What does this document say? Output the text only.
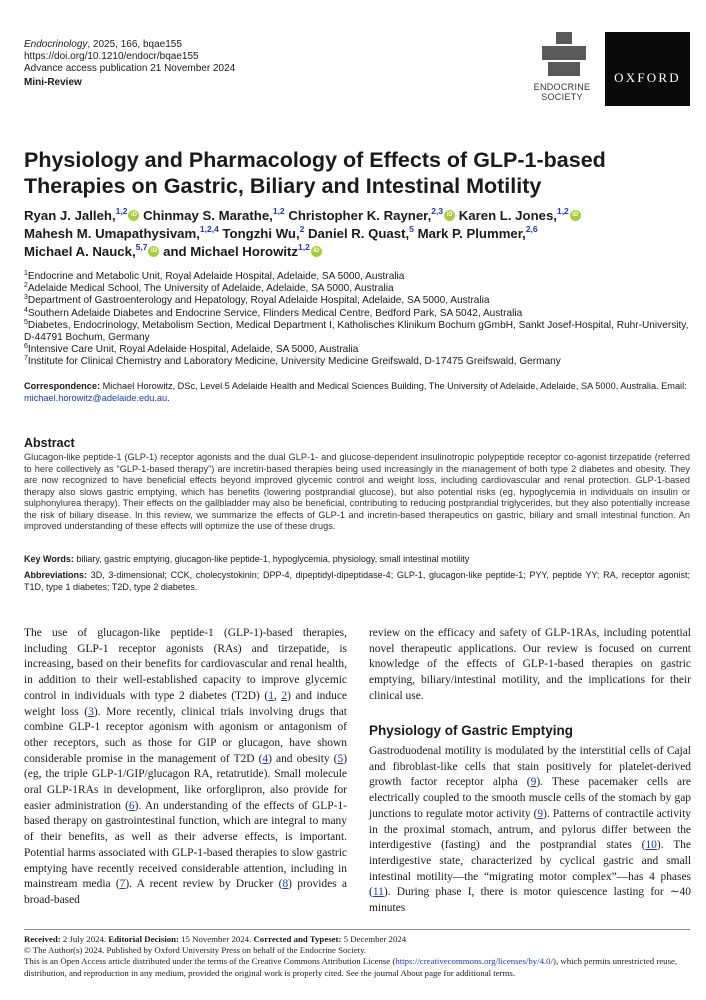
Endocrinology, 2025, 166, bqae155
https://doi.org/10.1210/endocr/bqae155
Advance access publication 21 November 2024
Mini-Review	ENDOCRINE
SOCIETY
OXFORD
Physiology and Pharmacology of Effects of GLP-1-based Therapies on Gastric, Biliary and Intestinal Motility
Ryan J. Jalleh,$^{1,2}$ iD Chinmay S. Marathe,$^{1,2}$ Christopher K. Rayner,$^{2,3}$ iD Karen L. Jones,$^{1,2}$iD
Mahesh M. Umapathysivam,$^{1,2,4}$ Tongzhi Wu,$^2$ Daniel R. Quast,$^5$ Mark P. Plummer,$^{2,6}$
Michael A. Nauck,$^{5,7}$ iD and Michael Horowitz$^{1,2}$iD
$^1$Endocrine and Metabolic Unit, Royal Adelaide Hospital, Adelaide, SA 5000, Australia
$^2$Adelaide Medical School, The University of Adelaide, Adelaide, SA 5000, Australia
$^3$Department of Gastroenterology and Hepatology, Royal Adelaide Hospital, Adelaide, SA 5000, Australia
$^4$Southern Adelaide Diabetes and Endocrine Service, Flinders Medical Centre, Bedford Park, SA 5042, Australia
$^5$Diabetes, Endocrinology, Metabolism Section, Medical Department I, Katholisches Klinikum Bochum gGmbH, Sankt Josef-Hospital, Ruhr-University, D-44791 Bochum, Germany
$^6$Intensive Care Unit, Royal Adelaide Hospital, Adelaide, SA 5000, Australia
$^7$Institute for Clinical Chemistry and Laboratory Medicine, University Medicine Greifswald, D-17475 Greifswald, Germany
Correspondence: Michael Horowitz, DSc, Level 5 Adelaide Health and Medical Sciences Building, The University of Adelaide, Adelaide, SA 5000, Australia. Email: michael.horowitz@adelaide.edu.au.
Abstract

Glucagon-like peptide-1 (GLP-1) receptor agonists and the dual GLP-1- and glucose-dependent insulinotropic polypeptide receptor co-agonist tirzepatide (referred to here collectively as “GLP-1-based therapy”) are incretin-based therapies being used increasingly in the management of both type 2 diabetes and obesity. They are now recognized to have beneficial effects beyond improved glycemic control and weight loss, including cardiovascular and renal protection. GLP-1-based therapy also slows gastric emptying, which has benefits (lowering postprandial glucose), but also potential risks (eg, hypoglycemia in individuals on insulin or sulphonylurea therapy). Their effects on the gallbladder may also be beneficial, contributing to reducing postprandial triglycerides, but they also potentially increase the risk of biliary disease. In this review, we summarize the effects of GLP-1 and incretin-based therapeutics on gastric, biliary and small intestinal function. An improved understanding of these effects will optimize the use of these drugs.

Key Words: biliary, gastric emptying, glucagon-like peptide-1, hypoglycemia, physiology, small intestinal motility

Abbreviations: 3D, 3-dimensional; CCK, cholecystokinin; DPP-4, dipeptidyl-dipeptidase-4; GLP-1, glucagon-like peptide-1; PYY, peptide YY; RA, receptor agonist; T1D, type 1 diabetes; T2D, type 2 diabetes.

The use of glucagon-like peptide-1 (GLP-1)-based therapies, including GLP-1 receptor agonists (RAs) and tirzepatide, is increasing, based on their benefits for cardiovascular and renal health, in addition to their well-established capacity to improve glycemic control in individuals with type 2 diabetes (T2D) (1, 2) and induce weight loss (3). More recently, clinical trials involving drugs that combine GLP-1 receptor agonism with agonism or antagonism of other receptors, such as those for GIP or glucagon, have shown considerable promise in the management of T2D (4) and obesity (5) (eg, the triple GLP-1/GIP/glucagon RA, retatrutide). Small molecule oral GLP-1RAs in development, like orforglipron, also provide for easier administration (6). An understanding of the effects of GLP-1-based therapy on gastrointestinal function, which are integral to many of their benefits, as well as their adverse effects, is important. Potential harms associated with GLP-1-based therapies to slow gastric emptying have recently received considerable attention, including in mainstream media (7). A recent review by Drucker (8) provides a broad-based

review on the efficacy and safety of GLP-1RAs, including potential novel therapeutic applications. Our review is focused on current knowledge of the effects of GLP-1-based therapies on gastric emptying, biliary/intestinal motility, and the implications for their clinical use.

Physiology of Gastric Emptying

Gastroduodenal motility is modulated by the interstitial cells of Cajal and fibroblast-like cells that stain positively for platelet-derived growth factor receptor alpha (9). These pacemaker cells are electrically coupled to the smooth muscle cells of the stomach by gap junctions to regulate motor activity (9). Patterns of contractile activity in the proximal stomach, antrum, and pylorus differ between the interdigestive (fasting) and the postprandial states (10). The interdigestive state, characterized by cyclical gastric and small intestinal motility—the “migrating motor complex”—has 4 phases (11). During phase I, there is motor quiescence lasting for ∼40 minutes

Received: 2 July 2024. Editorial Decision: 15 November 2024. Corrected and Typeset: 5 December 2024
© The Author(s) 2024. Published by Oxford University Press on behalf of the Endocrine Society.
This is an Open Access article distributed under the terms of the Creative Commons Attribution License (https://creativecommons.org/licenses/by/4.0/), which permits unrestricted reuse, distribution, and reproduction in any medium, provided the original work is properly cited. See the journal About page for additional terms.
